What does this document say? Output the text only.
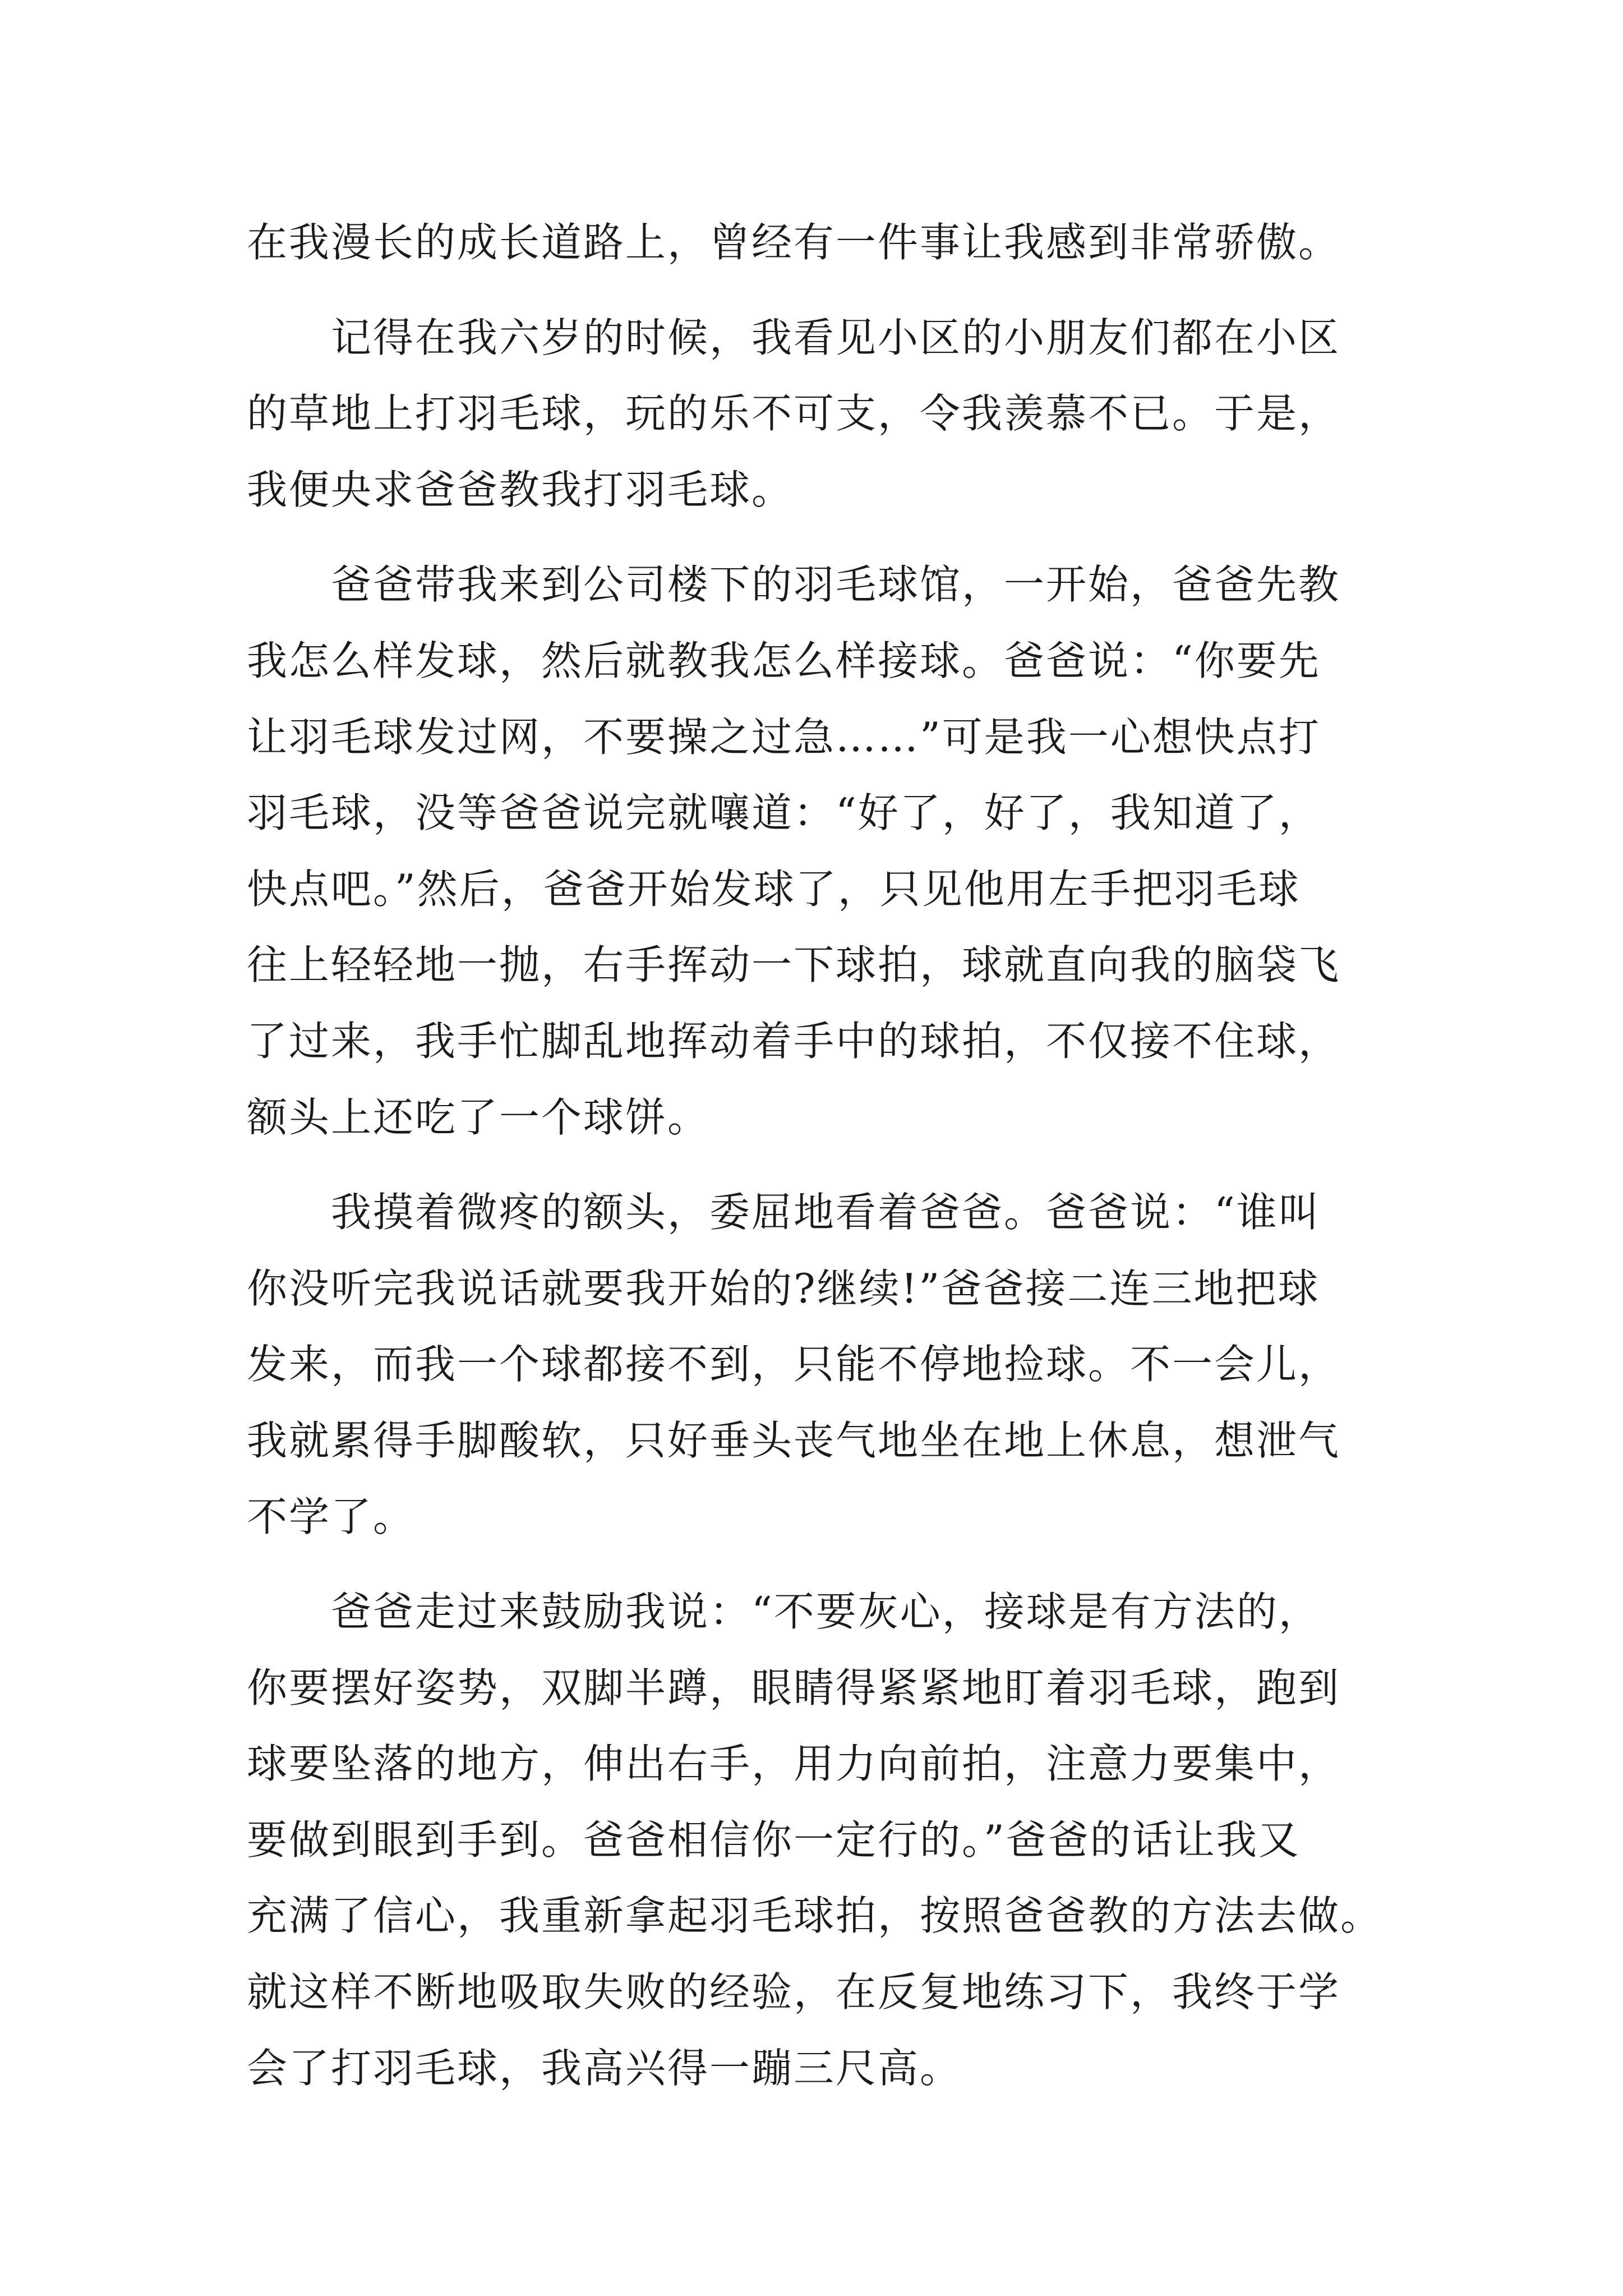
在我漫长的成长道路上，曾经有一件事让我感到非常骄傲。
记得在我六岁的时候，我看见小区的小朋友们都在小区
的草地上打羽毛球，玩的乐不可支，令我羡慕不已。于是，
我便央求爸爸教我打羽毛球。
爸爸带我来到公司楼下的羽毛球馆，一开始，爸爸先教
我怎么样发球，然后就教我怎么样接球。爸爸说：“你要先
让羽毛球发过网，不要操之过急……”可是我一心想快点打
羽毛球，没等爸爸说完就嚷道：“好了，好了，我知道了，
快点吧。”然后，爸爸开始发球了，只见他用左手把羽毛球
往上轻轻地一抛，右手挥动一下球拍，球就直向我的脑袋飞
了过来，我手忙脚乱地挥动着手中的球拍，不仅接不住球，
额头上还吃了一个球饼。
我摸着微疼的额头，委屈地看着爸爸。爸爸说：“谁叫
你没听完我说话就要我开始的?继续!”爸爸接二连三地把球
发来，而我一个球都接不到，只能不停地捡球。不一会儿，
我就累得手脚酸软，只好垂头丧气地坐在地上休息，想泄气
不学了。
爸爸走过来鼓励我说：“不要灰心，接球是有方法的，
你要摆好姿势，双脚半蹲，眼睛得紧紧地盯着羽毛球，跑到
球要坠落的地方，伸出右手，用力向前拍，注意力要集中，
要做到眼到手到。爸爸相信你一定行的。”爸爸的话让我又
充满了信心，我重新拿起羽毛球拍，按照爸爸教的方法去做。
就这样不断地吸取失败的经验，在反复地练习下，我终于学
会了打羽毛球，我高兴得一蹦三尺高。
